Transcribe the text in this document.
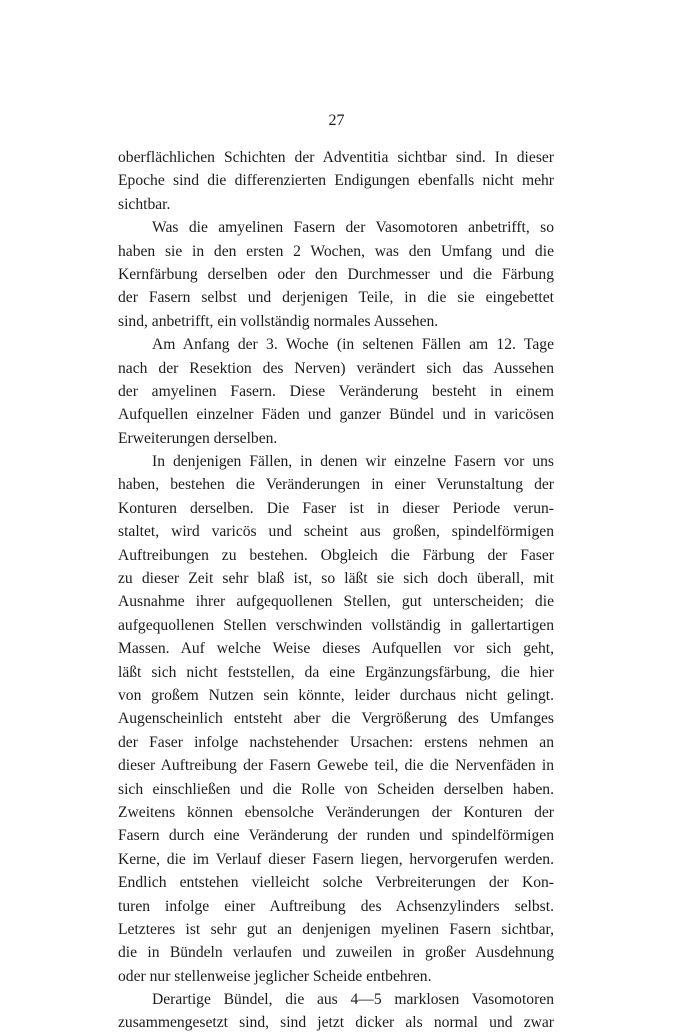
27
oberflächlichen Schichten der Adventitia sichtbar sind. In dieser
Epoche sind die differenzierten Endigungen ebenfalls nicht mehr
sichtbar.
Was die amyelinen Fasern der Vasomotoren anbetrifft, so
haben sie in den ersten 2 Wochen, was den Umfang und die
Kernfärbung derselben oder den Durchmesser und die Färbung
der Fasern selbst und derjenigen Teile, in die sie eingebettet
sind, anbetrifft, ein vollständig normales Aussehen.
Am Anfang der 3. Woche (in seltenen Fällen am 12. Tage
nach der Resektion des Nerven) verändert sich das Aussehen
der amyelinen Fasern. Diese Veränderung besteht in einem
Aufquellen einzelner Fäden und ganzer Bündel und in varicösen
Erweiterungen derselben.
In denjenigen Fällen, in denen wir einzelne Fasern vor uns
haben, bestehen die Veränderungen in einer Verunstaltung der
Konturen derselben. Die Faser ist in dieser Periode verun-
staltet, wird varicös und scheint aus großen, spindelförmigen
Auftreibungen zu bestehen. Obgleich die Färbung der Faser
zu dieser Zeit sehr blaß ist, so läßt sie sich doch überall, mit
Ausnahme ihrer aufgequollenen Stellen, gut unterscheiden; die
aufgequollenen Stellen verschwinden vollständig in gallertartigen
Massen. Auf welche Weise dieses Aufquellen vor sich geht,
läßt sich nicht feststellen, da eine Ergänzungsfärbung, die hier
von großem Nutzen sein könnte, leider durchaus nicht gelingt.
Augenscheinlich entsteht aber die Vergrößerung des Umfanges
der Faser infolge nachstehender Ursachen: erstens nehmen an
dieser Auftreibung der Fasern Gewebe teil, die die Nervenfäden in
sich einschließen und die Rolle von Scheiden derselben haben.
Zweitens können ebensolche Veränderungen der Konturen der
Fasern durch eine Veränderung der runden und spindelförmigen
Kerne, die im Verlauf dieser Fasern liegen, hervorgerufen werden.
Endlich entstehen vielleicht solche Verbreiterungen der Kon-
turen infolge einer Auftreibung des Achsenzylinders selbst.
Letzteres ist sehr gut an denjenigen myelinen Fasern sichtbar,
die in Bündeln verlaufen und zuweilen in großer Ausdehnung
oder nur stellenweise jeglicher Scheide entbehren.
Derartige Bündel, die aus 4—5 marklosen Vasomotoren
zusammengesetzt sind, sind jetzt dicker als normal und zwar
